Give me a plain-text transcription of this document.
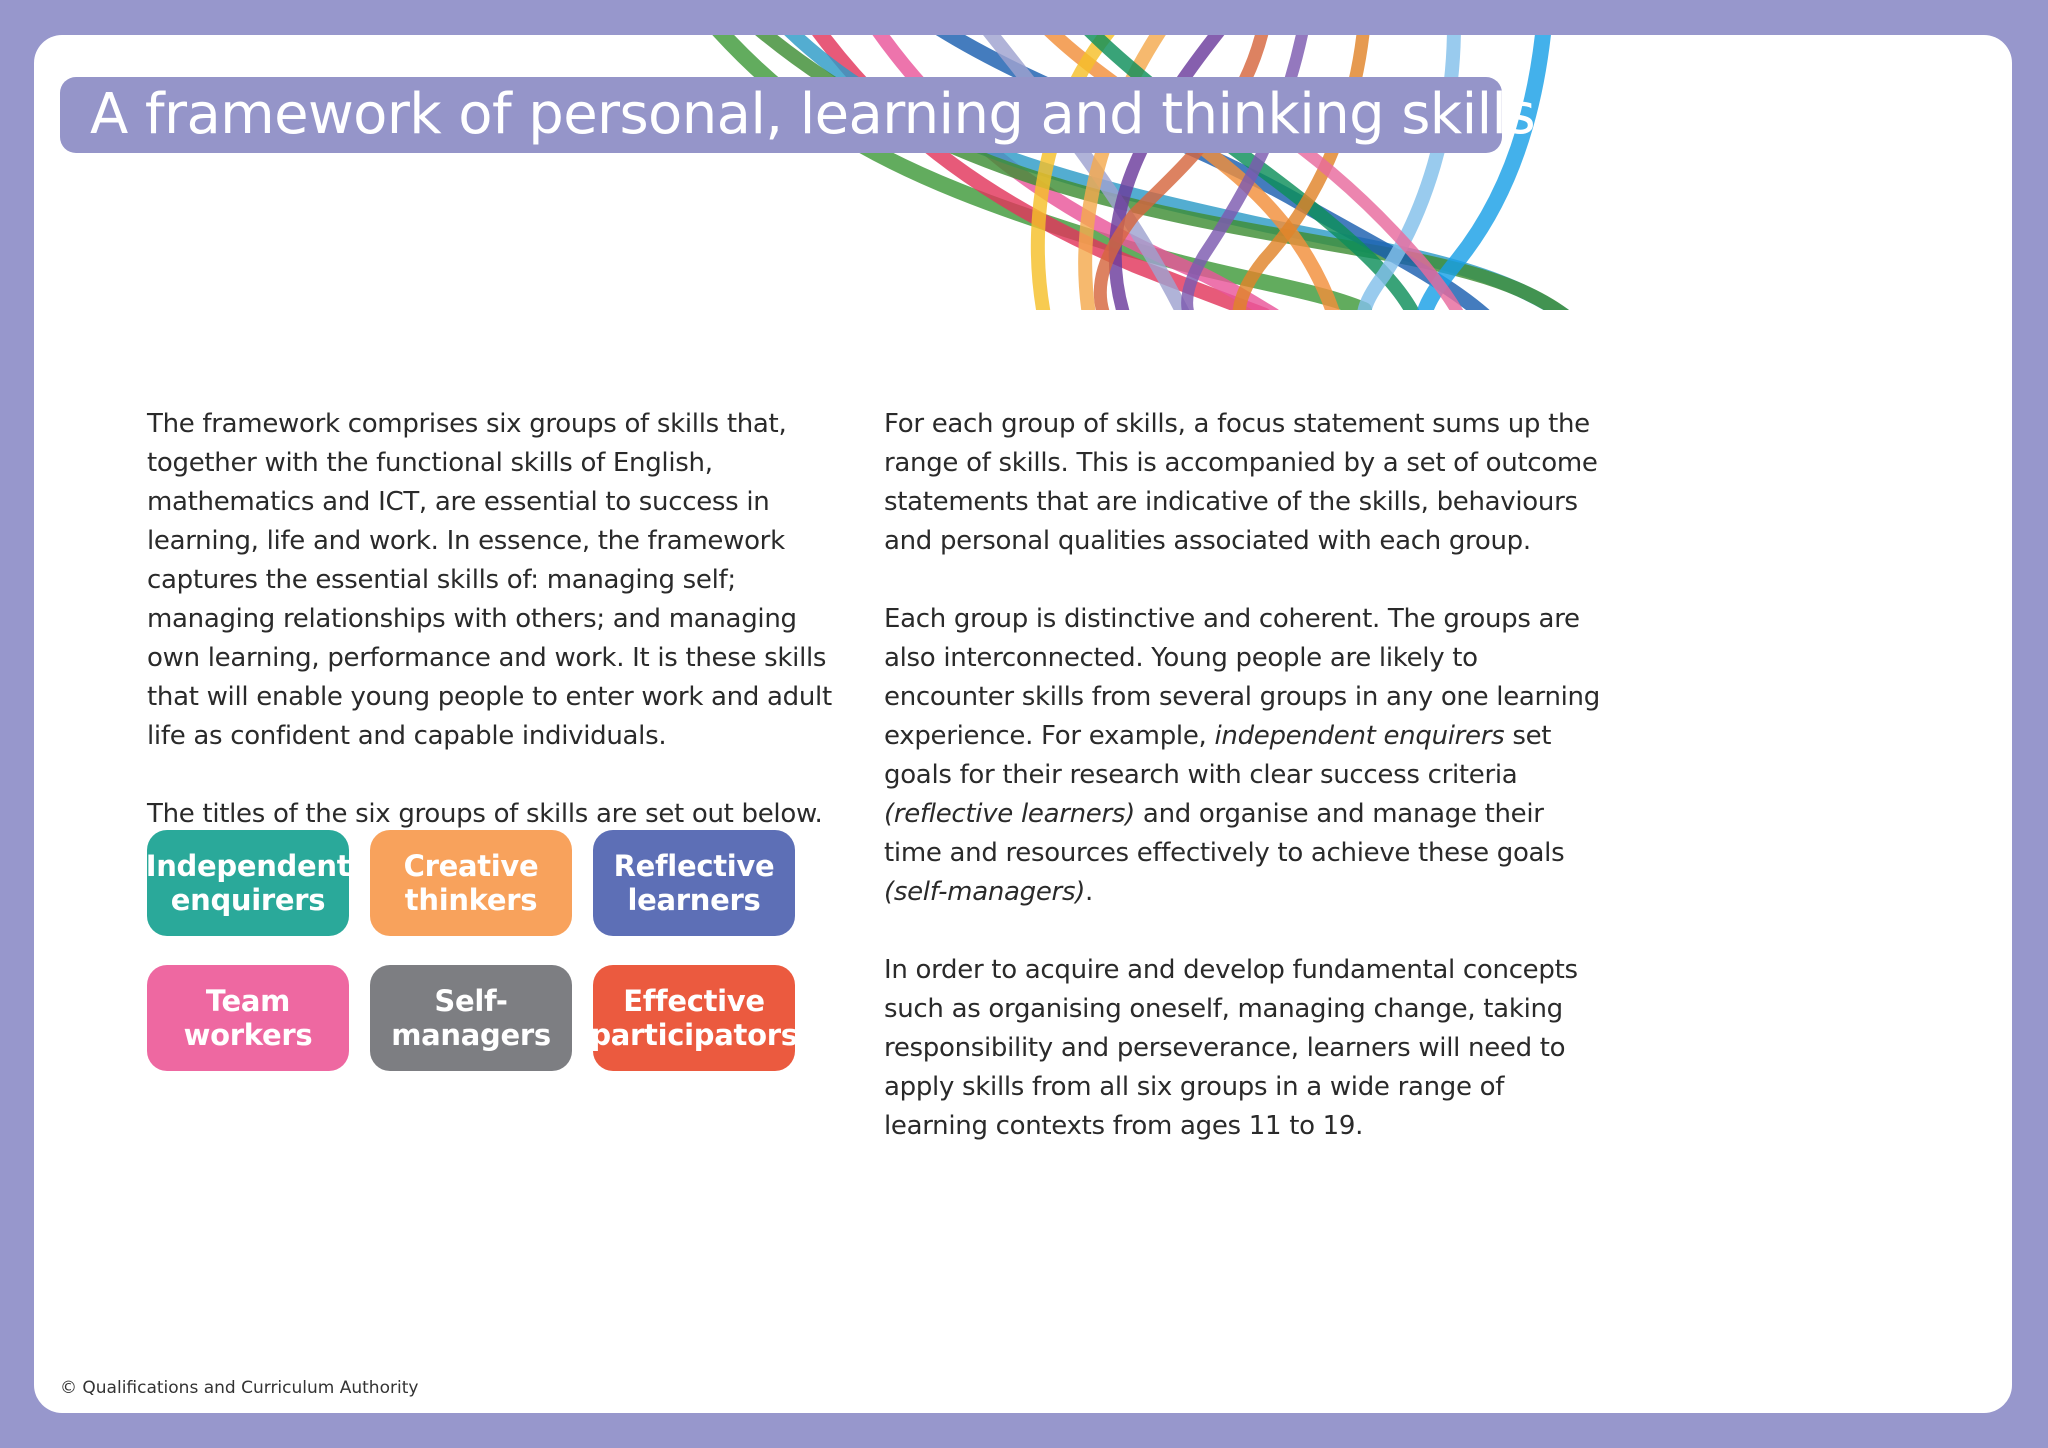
A framework of personal, learning and thinking skills

The framework comprises six groups of skills that, together with the functional skills of English, mathematics and ICT, are essential to success in learning, life and work. In essence, the framework captures the essential skills of: managing self; managing relationships with others; and managing own learning, performance and work. It is these skills that will enable young people to enter work and adult life as confident and capable individuals.

The titles of the six groups of skills are set out below.

Independent
enquirers
Creative
thinkers
Reflective
learners
Team
workers
Self-
managers
Effective
participators

For each group of skills, a focus statement sums up the range of skills. This is accompanied by a set of outcome statements that are indicative of the skills, behaviours and personal qualities associated with each group.

Each group is distinctive and coherent. The groups are also interconnected. Young people are likely to encounter skills from several groups in any one learning experience. For example, independent enquirers set goals for their research with clear success criteria (reflective learners) and organise and manage their time and resources effectively to achieve these goals (self-managers).

In order to acquire and develop fundamental concepts such as organising oneself, managing change, taking responsibility and perseverance, learners will need to apply skills from all six groups in a wide range of learning contexts from ages 11 to 19.

© Qualifications and Curriculum Authority
